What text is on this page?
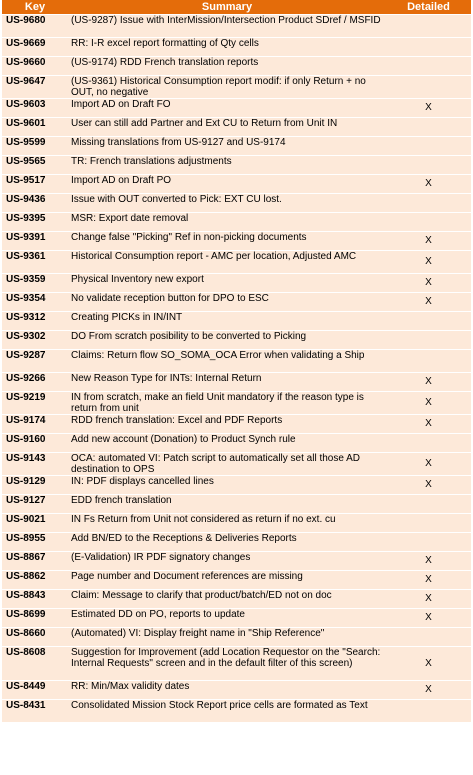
Key	Summary	Detailed
US-9680	(US-9287) Issue with InterMission/Intersection Product SDref / MSFID	
US-9669	RR: I-R excel report formatting of Qty cells	
US-9660	(US-9174) RDD French translation reports	
US-9647	(US-9361) Historical Consumption report modif: if only Return + no OUT, no negative	
US-9603	Import AD on Draft FO	X
US-9601	User can still add Partner and Ext CU to Return from Unit IN	
US-9599	Missing translations from US-9127 and US-9174	
US-9565	TR: French translations adjustments	
US-9517	Import AD on Draft PO	X
US-9436	Issue with OUT converted to Pick: EXT CU lost.	
US-9395	MSR: Export date removal	
US-9391	Change false "Picking" Ref in non-picking documents	X
US-9361	Historical Consumption report - AMC per location, Adjusted AMC	X
US-9359	Physical Inventory new export	X
US-9354	No validate reception button for DPO to ESC	X
US-9312	Creating PICKs in IN/INT	
US-9302	DO From scratch posibility to be converted to Picking	
US-9287	Claims: Return flow SO_SOMA_OCA Error when validating a Ship	
US-9266	New Reason Type for INTs: Internal Return	X
US-9219	IN from scratch, make an field Unit mandatory if the reason type is return from unit	X
US-9174	RDD french translation: Excel and PDF Reports	X
US-9160	Add new account (Donation) to Product Synch rule	
US-9143	OCA: automated VI: Patch script to automatically set all those AD destination to OPS	X
US-9129	IN: PDF displays cancelled lines	X
US-9127	EDD french translation	
US-9021	IN Fs Return from Unit not considered as return if no ext. cu	
US-8955	Add BN/ED to the Receptions & Deliveries Reports	
US-8867	(E-Validation) IR PDF signatory changes	X
US-8862	Page number and Document references are missing	X
US-8843	Claim: Message to clarify that product/batch/ED not on doc	X
US-8699	Estimated DD on PO, reports to update	X
US-8660	(Automated) VI: Display freight name in "Ship Reference"	
US-8608	Suggestion for Improvement (add Location Requestor on the "Search: Internal Requests" screen and in the default filter of this screen)	X
US-8449	RR: Min/Max validity dates	X
US-8431	Consolidated Mission Stock Report price cells are formated as Text	
